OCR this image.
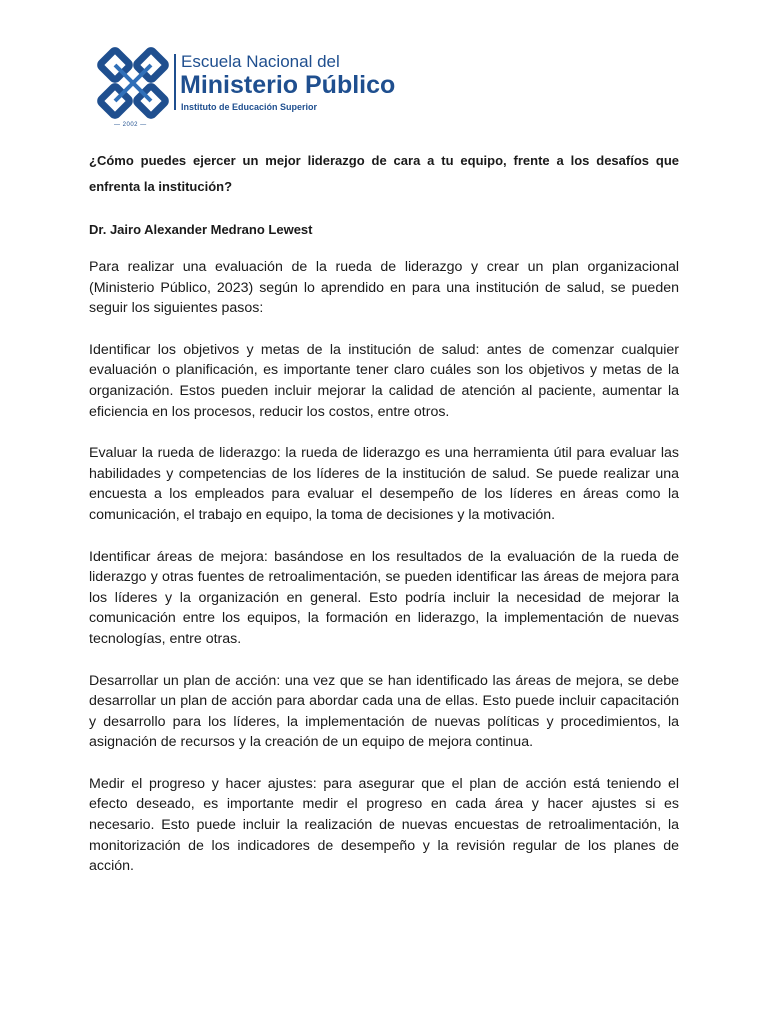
— 2002 —
Escuela Nacional del
Ministerio Público
Instituto de Educación Superior
¿Cómo puedes ejercer un mejor liderazgo de cara a tu equipo, frente a los desafíos que enfrenta la institución?
Dr. Jairo Alexander Medrano Lewest

Para realizar una evaluación de la rueda de liderazgo y crear un plan organizacional (Ministerio Público, 2023) según lo aprendido en para una institución de salud, se pueden seguir los siguientes pasos:

Identificar los objetivos y metas de la institución de salud: antes de comenzar cualquier evaluación o planificación, es importante tener claro cuáles son los objetivos y metas de la organización. Estos pueden incluir mejorar la calidad de atención al paciente, aumentar la eficiencia en los procesos, reducir los costos, entre otros.

Evaluar la rueda de liderazgo: la rueda de liderazgo es una herramienta útil para evaluar las habilidades y competencias de los líderes de la institución de salud. Se puede realizar una encuesta a los empleados para evaluar el desempeño de los líderes en áreas como la comunicación, el trabajo en equipo, la toma de decisiones y la motivación.

Identificar áreas de mejora: basándose en los resultados de la evaluación de la rueda de liderazgo y otras fuentes de retroalimentación, se pueden identificar las áreas de mejora para los líderes y la organización en general. Esto podría incluir la necesidad de mejorar la comunicación entre los equipos, la formación en liderazgo, la implementación de nuevas tecnologías, entre otras.

Desarrollar un plan de acción: una vez que se han identificado las áreas de mejora, se debe desarrollar un plan de acción para abordar cada una de ellas. Esto puede incluir capacitación y desarrollo para los líderes, la implementación de nuevas políticas y procedimientos, la asignación de recursos y la creación de un equipo de mejora continua.

Medir el progreso y hacer ajustes: para asegurar que el plan de acción está teniendo el efecto deseado, es importante medir el progreso en cada área y hacer ajustes si es necesario. Esto puede incluir la realización de nuevas encuestas de retroalimentación, la monitorización de los indicadores de desempeño y la revisión regular de los planes de acción.
